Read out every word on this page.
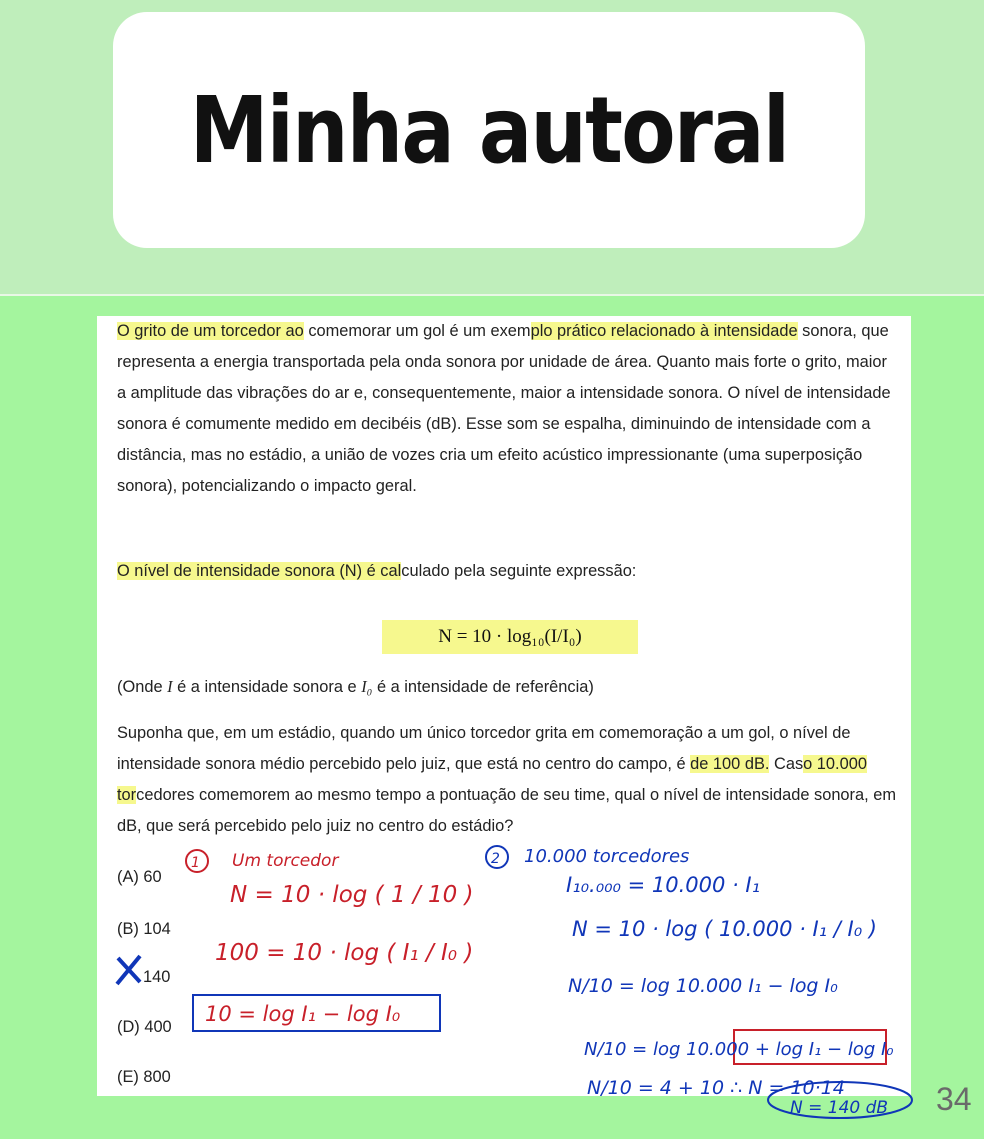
Minha autoral

O grito de um torcedor ao comemorar um gol é um exemplo prático relacionado à intensidade sonora, que representa a energia transportada pela onda sonora por unidade de área. Quanto mais forte o grito, maior a amplitude das vibrações do ar e, consequentemente, maior a intensidade sonora. O nível de intensidade sonora é comumente medido em decibéis (dB). Esse som se espalha, diminuindo de intensidade com a distância, mas no estádio, a união de vozes cria um efeito acústico impressionante (uma superposição sonora), potencializando o impacto geral.

O nível de intensidade sonora (N) é calculado pela seguinte expressão:

N = 10 · log₁₀(I/I₀)

(Onde I é a intensidade sonora e I₀ é a intensidade de referência)

Suponha que, em um estádio, quando um único torcedor grita em comemoração a um gol, o nível de intensidade sonora médio percebido pelo juiz, que está no centro do campo, é de 100 dB. Caso 10.000 torcedores comemorem ao mesmo tempo a pontuação de seu time, qual o nível de intensidade sonora, em dB, que será percebido pelo juiz no centro do estádio?

(A) 60
(B) 104
140
(D) 400
(E) 800
1 Um torcedor
N = 10 · log ( 1 / 10 )
100 = 10 · log ( I₁ / I₀ )
10 = log I₁ − log I₀
2 10.000 torcedores
I₁₀.₀₀₀ = 10.000 · I₁
N = 10 · log ( 10.000 · I₁ / I₀ )
N/10 = log 10.000 I₁ − log I₀
N/10 = log 10.000 + log I₁ − log I₀
N/10 = 4 + 10 ∴ N = 10·14
N = 140 dB 34
